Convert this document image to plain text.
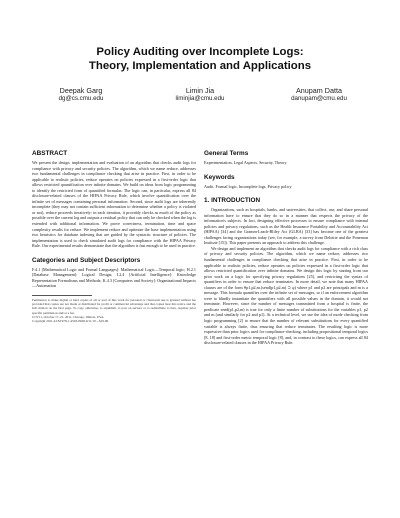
Policy Auditing over Incomplete Logs:
Theory, Implementation and Applications
Deepak Garg
dg@cs.cmu.edu
Limin Jia
liminjia@cmu.edu
Anupam Datta
danupam@cmu.edu
ABSTRACT

We present the design, implementation and evaluation of an algorithm that checks audit logs for compliance with privacy and security policies. The algorithm, which we name reduce, addresses two fundamental challenges in compliance checking that arise in practice. First, in order to be applicable to realistic policies, reduce operates on policies expressed in a first-order logic that allows restricted quantification over infinite domains. We build on ideas from logic programming to identify the restricted form of quantified formulas. The logic can, in particular, express all 84 disclosure-related clauses of the HIPAA Privacy Rule, which involve quantification over the infinite set of messages containing personal information. Second, since audit logs are inherently incomplete (they may not contain sufficient information to determine whether a policy is violated or not), reduce proceeds iteratively: in each iteration, it provably checks as much of the policy as possible over the current log and outputs a residual policy that can only be checked when the log is extended with additional information. We prove correctness, termination, time and space complexity results for reduce. We implement reduce and optimize the base implementation using two heuristics for database indexing that are guided by the syntactic structure of policies. The implementation is used to check simulated audit logs for compliance with the HIPAA Privacy Rule. Our experimental results demonstrate that the algorithm is fast enough to be used in practice.

Categories and Subject Descriptors

F.4.1 [Mathematical Logic and Formal Languages]: Mathematical Logic—Temporal logic; H.2.1 [Database Management]: Logical Design; I.2.4 [Artificial Intelligence]: Knowledge Representation Formalisms and Methods; K.4.3 [Computers and Society]: Organizational Impacts—Automation

Permission to make digital or hard copies of all or part of this work for personal or classroom use is granted without fee provided that copies are not made or distributed for profit or commercial advantage and that copies bear this notice and the full citation on the first page. To copy otherwise, to republish, to post on servers or to redistribute to lists, requires prior specific permission and/or a fee.

CCS'11, October 17–21, 2011, Chicago, Illinois, USA.

Copyright 2011 ACM 978-1-4503-0948-6/11/10 ...$10.00.

General Terms

Experimentation, Legal Aspects, Security, Theory

Keywords

Audit, Formal logic, Incomplete logs, Privacy policy

1. INTRODUCTION

Organizations, such as hospitals, banks, and universities, that collect, use, and share personal information have to ensure that they do so in a manner that respects the privacy of the information's subjects. In fact, designing effective processes to ensure compliance with internal policies and privacy regulations, such as the Health Insurance Portability and Accountability Act (HIPAA) [34] and the Gramm-Leach-Bliley Act (GLBA) [33] has become one of the greatest challenges facing organizations today (see, for example, a survey from Deloitte and the Ponemon Institute [15]). This paper presents an approach to address this challenge.

We design and implement an algorithm that checks audit logs for compliance with a rich class of privacy and security policies. The algorithm, which we name reduce, addresses two fundamental challenges in compliance checking that arise in practice. First, in order to be applicable to realistic policies, reduce operates on policies expressed in a first-order logic that allows restricted quantification over infinite domains. We design this logic by starting from our prior work on a logic for specifying privacy regulations [25], and restricting the syntax of quantifiers in order to ensure that reduce terminates. In more detail, we note that many HIPAA clauses are of the form ∀p1,p2,m.(send(p1,p2,m) ⊃ φ) where p1 and p2 are principals and m is a message. This formula quantifies over the infinite set of messages, so if an enforcement algorithm were to blindly instantiate the quantifiers with all possible values in the domain, it would not terminate. However, since the number of messages transmitted from a hospital is finite, the predicate send(p1,p2,m) is true for only a finite number of substitutions for the variables p1, p2 and m (and similarly for p2 and p1). At a technical level, we use the idea of mode checking from logic programming [2] to ensure that the number of relevant substitutions for every quantified variable is always finite, thus ensuring that reduce terminates. The resulting logic is more expressive than prior logics used for compliance-checking, including propositional temporal logics [8, 18] and first-order metric temporal logic [8], and, in contrast to these logics, can express all 84 disclosure-related clauses in the HIPAA Privacy Rule.
